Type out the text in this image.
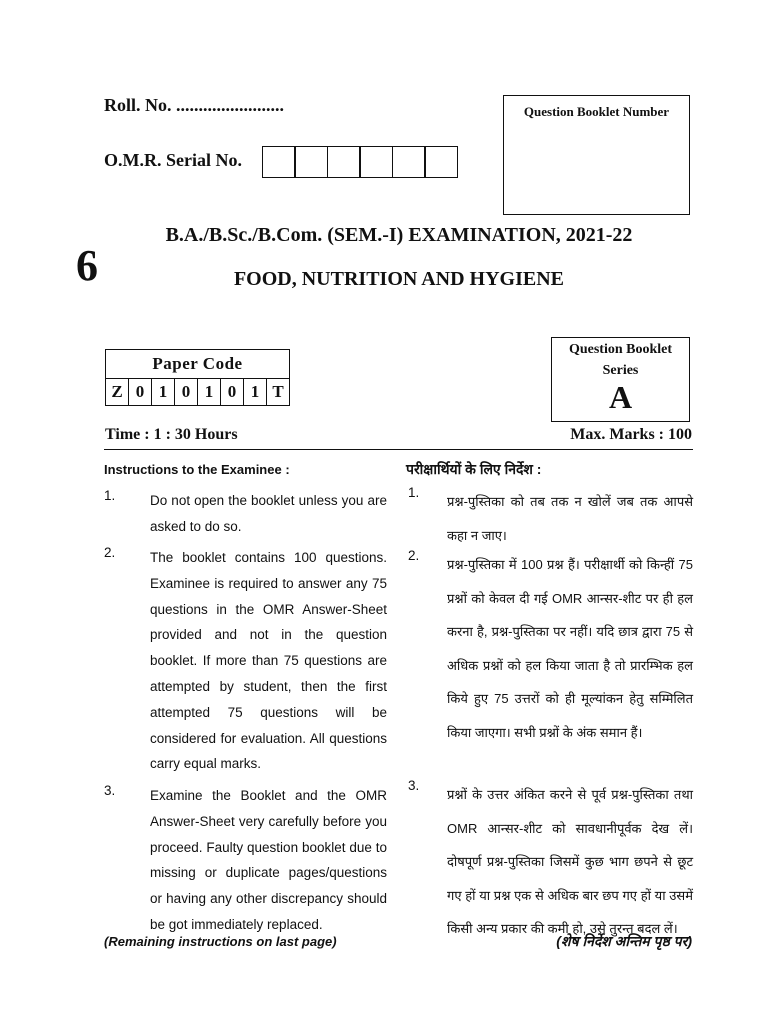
Roll. No. ........................
O.M.R. Serial No.
Question Booklet Number
6
B.A./B.Sc./B.Com. (SEM.-I) EXAMINATION, 2021-22
FOOD, NUTRITION AND HYGIENE
Paper Code
Z 0 1 0 1 0 1 T
Question Booklet
Series
A
Time : 1 : 30 Hours	Max. Marks : 100
Instructions to the Examinee :	परीक्षार्थियों के लिए निर्देश :
1.	Do not open the booklet unless you are asked to do so.
2.	The booklet contains 100 questions. Examinee is required to answer any 75 questions in the OMR Answer-Sheet provided and not in the question booklet. If more than 75 questions are attempted by student, then the first attempted 75 questions will be considered for evaluation. All questions carry equal marks.
3.	Examine the Booklet and the OMR Answer-Sheet very carefully before you proceed. Faulty question booklet due to missing or duplicate pages/questions or having any other discrepancy should be got immediately replaced.
1.
प्रश्न-पुस्तिका को तब तक न खोलें जब तक आपसे कहा न जाए।
2.
प्रश्न-पुस्तिका में 100 प्रश्न हैं। परीक्षार्थी को किन्हीं 75 प्रश्नों को केवल दी गई OMR आन्सर-शीट पर ही हल करना है, प्रश्न-पुस्तिका पर नहीं। यदि छात्र द्वारा 75 से अधिक प्रश्नों को हल किया जाता है तो प्रारम्भिक हल किये हुए 75 उत्तरों को ही मूल्यांकन हेतु सम्मिलित किया जाएगा। सभी प्रश्नों के अंक समान हैं।
3.
प्रश्नों के उत्तर अंकित करने से पूर्व प्रश्न-पुस्तिका तथा OMR आन्सर-शीट को सावधानीपूर्वक देख लें। दोषपूर्ण प्रश्न-पुस्तिका जिसमें कुछ भाग छपने से छूट गए हों या प्रश्न एक से अधिक बार छप गए हों या उसमें किसी अन्य प्रकार की कमी हो, उसे तुरन्त बदल लें।
(Remaining instructions on last page)	(शेष निर्देश अन्तिम पृष्ठ पर)
